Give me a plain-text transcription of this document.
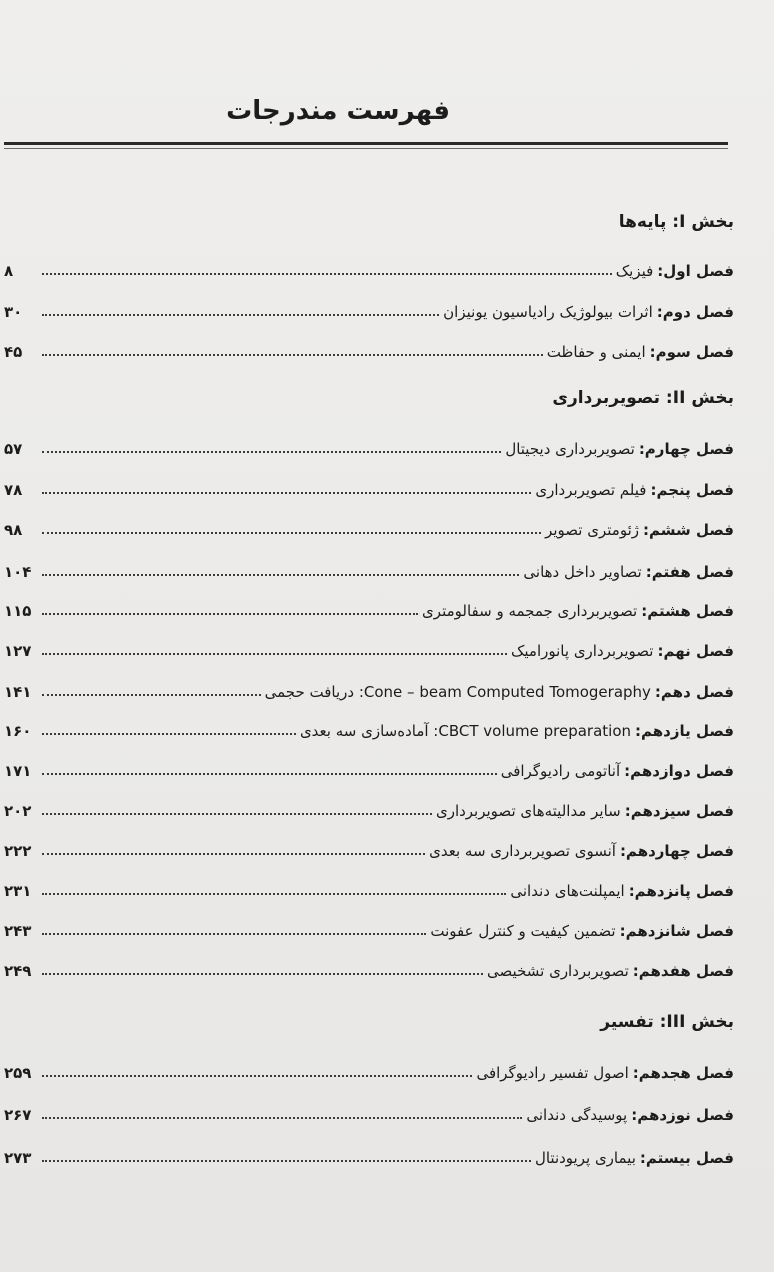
فهرست مندرجات
بخش I: پایه‌ها
فصل اول:
فیزیک
۸
فصل دوم:
اثرات بیولوژیک رادیاسیون یونیزان
۳۰
فصل سوم:
ایمنی و حفاظت
۴۵
بخش II: تصویربرداری
فصل چهارم:
تصویربرداری دیجیتال
۵۷
فصل پنجم:
فیلم تصویربرداری
۷۸
فصل ششم:
ژئومتری تصویر
۹۸
فصل هفتم:
تصاویر داخل دهانی
۱۰۴
فصل هشتم:
تصویربرداری جمجمه و سفالومتری
۱۱۵
فصل نهم:
تصویربرداری پانورامیک
۱۲۷
فصل دهم:
Cone – beam Computed Tomogeraphy: دریافت حجمی
۱۴۱
فصل یازدهم:
CBCT volume preparation: آماده‌سازی سه بعدی
۱۶۰
فصل دوازدهم:
آناتومی رادیوگرافی
۱۷۱
فصل سیزدهم:
سایر مدالیته‌های تصویربرداری
۲۰۲
فصل چهاردهم:
آنسوی تصویربرداری سه بعدی
۲۲۲
فصل پانزدهم:
ایمپلنت‌های دندانی
۲۳۱
فصل شانزدهم:
تضمین کیفیت و کنترل عفونت
۲۴۳
فصل هفدهم:
تصویربرداری تشخیصی
۲۴۹
بخش III: تفسیر
فصل هجدهم:
اصول تفسیر رادیوگرافی
۲۵۹
فصل نوزدهم:
پوسیدگی دندانی
۲۶۷
فصل بیستم:
بیماری پریودنتال
۲۷۳
